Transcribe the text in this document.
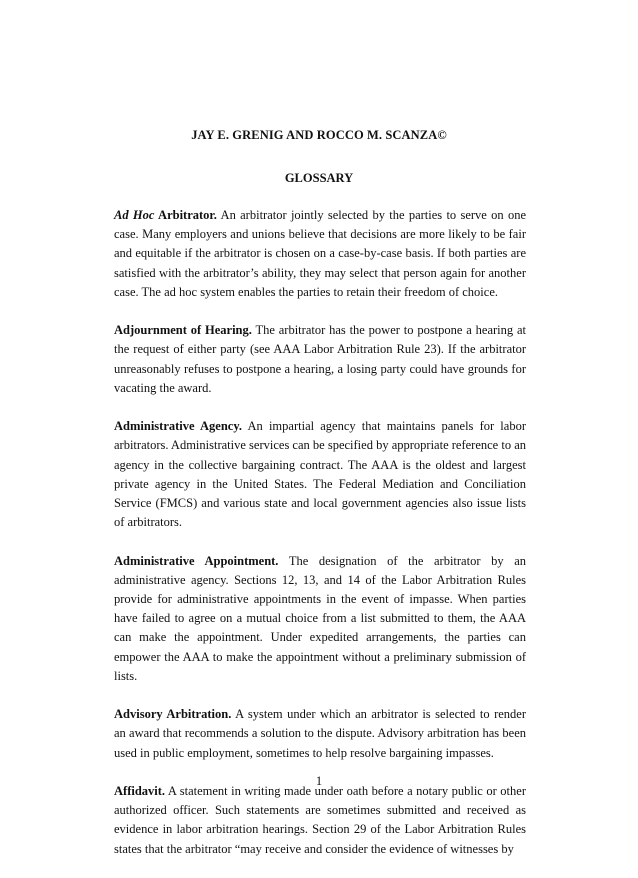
JAY E. GRENIG AND ROCCO M. SCANZA©
GLOSSARY

Ad Hoc Arbitrator. An arbitrator jointly selected by the parties to serve on one case. Many employers and unions believe that decisions are more likely to be fair and equitable if the arbitrator is chosen on a case-by-case basis. If both parties are satisfied with the arbitrator’s ability, they may select that person again for another case. The ad hoc system enables the parties to retain their freedom of choice.

Adjournment of Hearing. The arbitrator has the power to postpone a hearing at the request of either party (see AAA Labor Arbitration Rule 23). If the arbitrator unreasonably refuses to postpone a hearing, a losing party could have grounds for vacating the award.

Administrative Agency. An impartial agency that maintains panels for labor arbitrators. Administrative services can be specified by appropriate reference to an agency in the collective bargaining contract. The AAA is the oldest and largest private agency in the United States. The Federal Mediation and Conciliation Service (FMCS) and various state and local government agencies also issue lists of arbitrators.

Administrative Appointment. The designation of the arbitrator by an administrative agency. Sections 12, 13, and 14 of the Labor Arbitration Rules provide for administrative appointments in the event of impasse. When parties have failed to agree on a mutual choice from a list submitted to them, the AAA can make the appointment. Under expedited arrangements, the parties can empower the AAA to make the appointment without a preliminary submission of lists.

Advisory Arbitration. A system under which an arbitrator is selected to render an award that recommends a solution to the dispute. Advisory arbitration has been used in public employment, sometimes to help resolve bargaining impasses.

Affidavit. A statement in writing made under oath before a notary public or other authorized officer. Such statements are sometimes submitted and received as evidence in labor arbitration hearings. Section 29 of the Labor Arbitration Rules states that the arbitrator “may receive and consider the evidence of witnesses by

1
